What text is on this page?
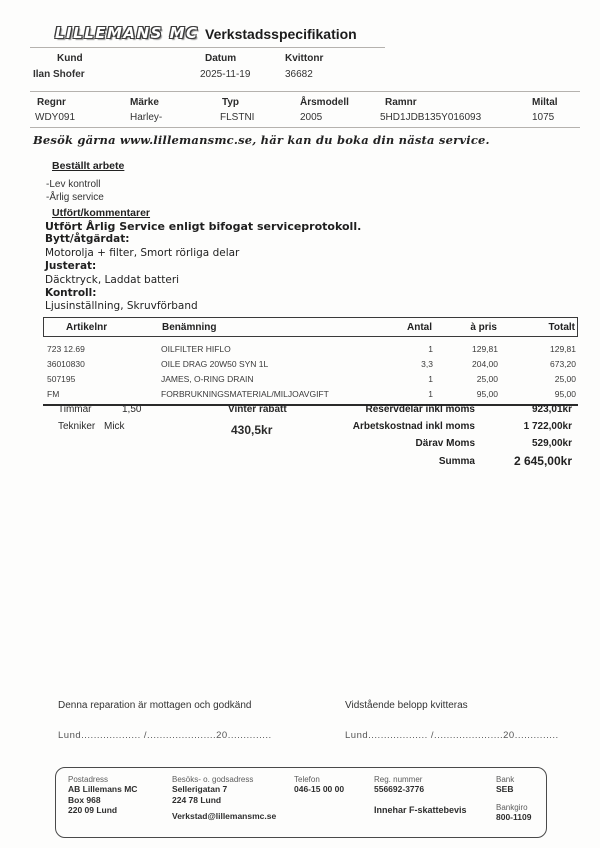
LILLEMANS MC Verkstadsspecifikation
Kund	Datum	Kvittonr
Ilan Shofer	2025-11-19	36682
Regnr	Märke	Typ	Årsmodell	Ramnr	Miltal
WDY091	Harley-	FLSTNI	2005	5HD1JDB135Y016093	1075
Besök gärna www.lillemansmc.se, här kan du boka din nästa service.
Beställt arbete
-Lev kontroll
-Årlig service
Utfört/kommentarer
Utfört Årlig Service enligt bifogat serviceprotokoll.
Bytt/åtgärdat:
Motorolja + filter, Smort rörliga delar
Justerat:
Däcktryck, Laddat batteri
Kontroll:
Ljusinställning, Skruvförband
Artikelnr	Benämning	Antal	à pris	Totalt
723 12.69	OILFILTER HIFLO	1	129,81	129,81
36010830	OILE DRAG 20W50 SYN 1L	3,3	204,00	673,20
507195	JAMES, O-RING DRAIN	1	25,00	25,00
FM	FORBRUKNINGSMATERIAL/MILJOAVGIFT	1	95,00	95,00
Timmar	1,50
Tekniker Mick
Vinter rabatt
430,5kr
Reservdelar inkl moms	923,01kr
Arbetskostnad inkl moms	1 722,00kr
Därav Moms	529,00kr
Summa	2 645,00kr
Denna reparation är mottagen och godkänd	Vidstående belopp kvitteras
Lund................... /......................20..............	Lund................... /......................20..............
Postadress
AB Lillemans MC
Box 968
220 09 Lund
Besöks- o. godsadress
Sellerigatan 7
224 78 Lund
Verkstad@lillemansmc.se
Telefon
046-15 00 00
Reg. nummer
556692-3776
Innehar F-skattebevis
Bank
SEB
Bankgiro
800-1109
